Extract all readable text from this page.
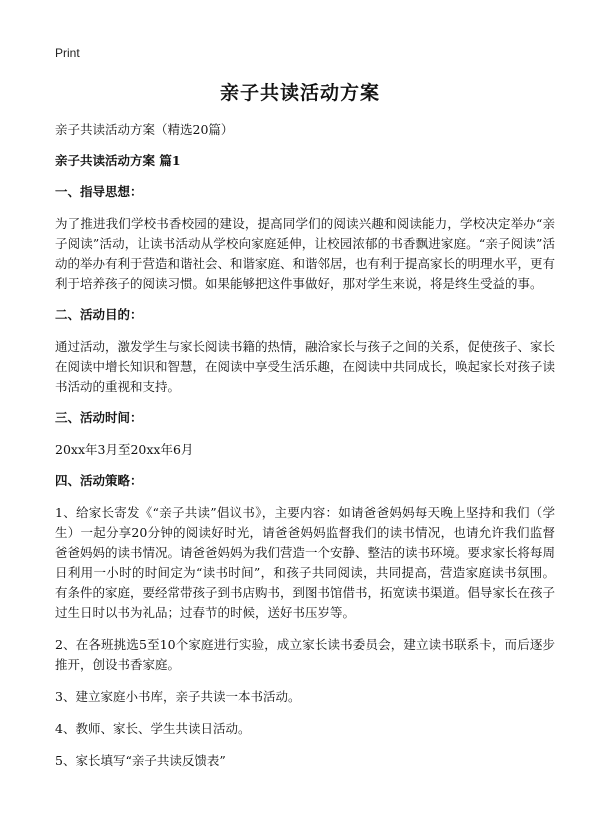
Print
亲子共读活动方案

亲子共读活动方案（精选20篇）

亲子共读活动方案 篇1

一、指导思想：

为了推进我们学校书香校园的建设，提高同学们的阅读兴趣和阅读能力，学校决定举办“亲子阅读”活动，让读书活动从学校向家庭延伸，让校园浓郁的书香飘进家庭。“亲子阅读”活动的举办有利于营造和谐社会、和谐家庭、和谐邻居，也有利于提高家长的明理水平，更有利于培养孩子的阅读习惯。如果能够把这件事做好，那对学生来说，将是终生受益的事。

二、活动目的：

通过活动，激发学生与家长阅读书籍的热情，融洽家长与孩子之间的关系，促使孩子、家长在阅读中增长知识和智慧，在阅读中享受生活乐趣，在阅读中共同成长，唤起家长对孩子读书活动的重视和支持。

三、活动时间：

20xx年3月至20xx年6月

四、活动策略：

1、给家长寄发《“亲子共读”倡议书》，主要内容：如请爸爸妈妈每天晚上坚持和我们（学生）一起分享20分钟的阅读好时光，请爸爸妈妈监督我们的读书情况，也请允许我们监督爸爸妈妈的读书情况。请爸爸妈妈为我们营造一个安静、整洁的读书环境。要求家长将每周日利用一小时的时间定为“读书时间”，和孩子共同阅读，共同提高，营造家庭读书氛围。有条件的家庭，要经常带孩子到书店购书，到图书馆借书，拓宽读书渠道。倡导家长在孩子过生日时以书为礼品；过春节的时候，送好书压岁等。

2、在各班挑选5至10个家庭进行实验，成立家长读书委员会，建立读书联系卡，而后逐步推开，创设书香家庭。

3、建立家庭小书库，亲子共读一本书活动。

4、教师、家长、学生共读日活动。

5、家长填写“亲子共读反馈表”
